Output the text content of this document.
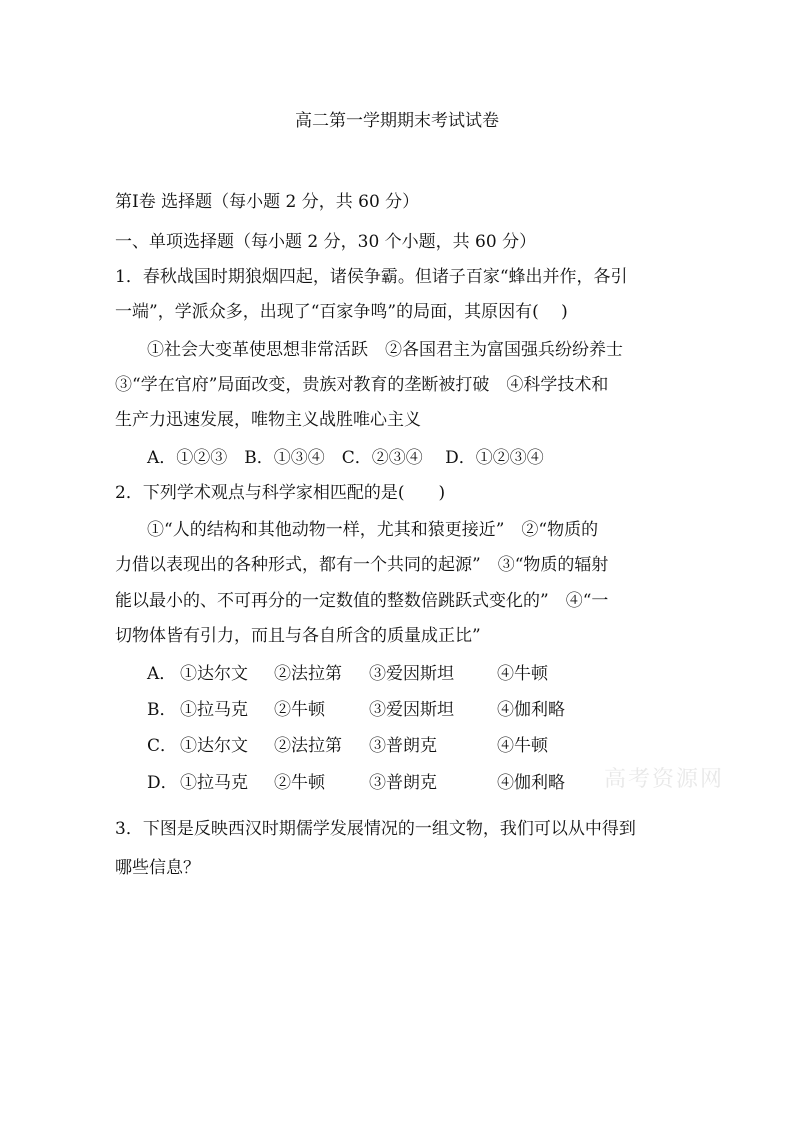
高二第一学期期末考试试卷
第Ⅰ卷 选择题（每小题 2 分，共 60 分）
一、单项选择题（每小题 2 分，30 个小题，共 60 分）
1．春秋战国时期狼烟四起，诸侯争霸。但诸子百家“蜂出并作，各引
一端”，学派众多，出现了“百家争鸣”的局面，其原因有(　 )
①社会大变革使思想非常活跃　②各国君主为富国强兵纷纷养士
③“学在官府”局面改变，贵族对教育的垄断被打破　④科学技术和
生产力迅速发展，唯物主义战胜唯心主义
A．①②③　B．①③④　C．②③④　 D．①②③④
2．下列学术观点与科学家相匹配的是(　　)
①“人的结构和其他动物一样，尤其和猿更接近”　②“物质的
力借以表现出的各种形式，都有一个共同的起源”　③“物质的辐射
能以最小的、不可再分的一定数值的整数倍跳跃式变化的”　④“一
切物体皆有引力，而且与各自所含的质量成正比”
A． ①达尔文 ②法拉第 ③爱因斯坦	④牛顿
B． ①拉马克 ②牛顿	③爱因斯坦	④伽利略
C． ①达尔文 ②法拉第 ③普朗克	④牛顿
D． ①拉马克 ②牛顿	③普朗克	④伽利略
3．下图是反映西汉时期儒学发展情况的一组文物，我们可以从中得到
哪些信息？
高考资源网
